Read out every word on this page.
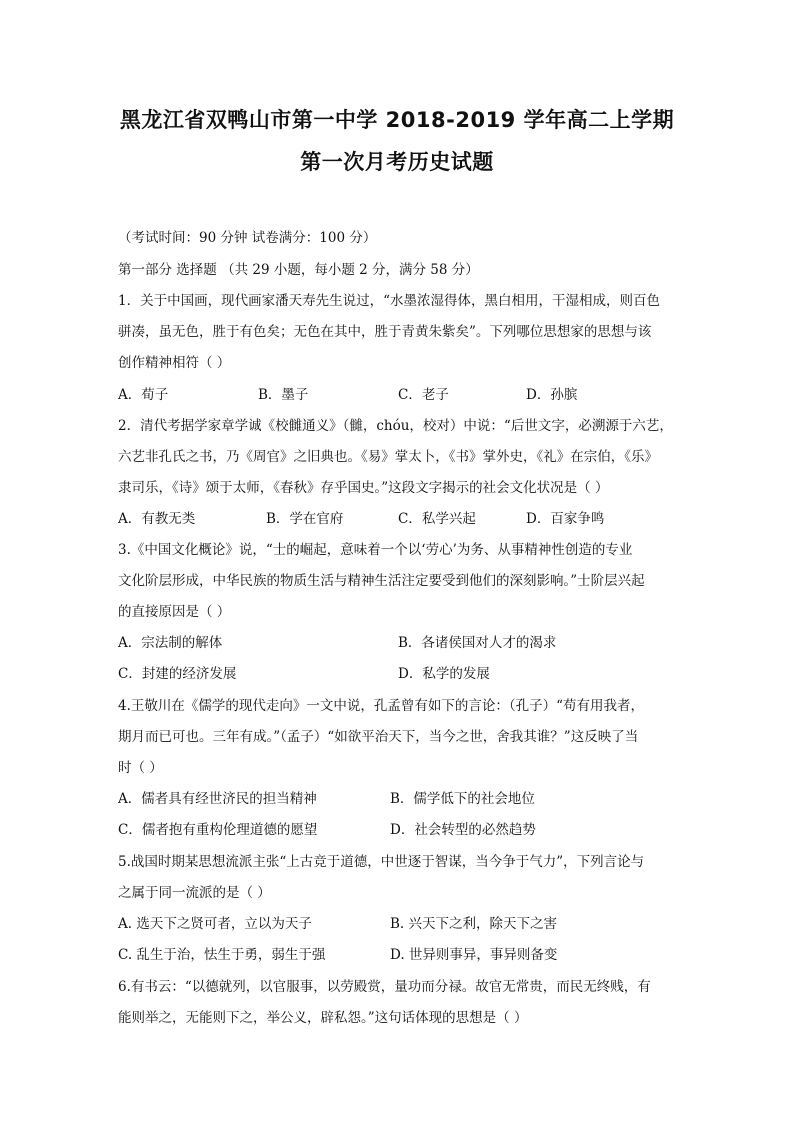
黑龙江省双鸭山市第一中学 2018-2019 学年高二上学期
第一次月考历史试题
（考试时间：90 分钟 试卷满分：100 分）
第一部分 选择题 （共 29 小题，每小题 2 分，满分 58 分）
1．关于中国画，现代画家潘天寿先生说过，“水墨浓湿得体，黑白相用，干湿相成，则百色
骈凑，虽无色，胜于有色矣；无色在其中，胜于青黄朱紫矣”。下列哪位思想家的思想与该
创作精神相符（ ）
A．荀子	B．墨子	C．老子	D．孙膑
2．清代考据学家章学诚《校雠通义》（雠，chóu，校对）中说：“后世文字，必溯源于六艺，
六艺非孔氏之书，乃《周官》之旧典也。《易》掌太卜，《书》掌外史，《礼》在宗伯，《乐》
隶司乐，《诗》颂于太师，《春秋》存乎国史。”这段文字揭示的社会文化状况是（ ）
A．有教无类	B．学在官府	C．私学兴起	D．百家争鸣
3.《中国文化概论》说，“士的崛起，意味着一个以‘劳心’为务、从事精神性创造的专业
文化阶层形成，中华民族的物质生活与精神生活注定要受到他们的深刻影响。”士阶层兴起
的直接原因是（ ）
A．宗法制的解体	B．各诸侯国对人才的渴求
C．封建的经济发展	D．私学的发展
4.王敬川在《儒学的现代走向》一文中说，孔孟曾有如下的言论：（孔子）“苟有用我者，
期月而已可也。三年有成。”（孟子）“如欲平治天下，当今之世，舍我其谁？”这反映了当
时（ ）
A．儒者具有经世济民的担当精神	B．儒学低下的社会地位
C．儒者抱有重构伦理道德的愿望	D．社会转型的必然趋势
5.战国时期某思想流派主张“上古竞于道德，中世逐于智谋，当今争于气力”，下列言论与
之属于同一流派的是（ ）
A. 选天下之贤可者，立以为天子	B. 兴天下之利，除天下之害
C. 乱生于治，怯生于勇，弱生于强	D. 世异则事异，事异则备变
6.有书云：“以德就列，以官服事，以劳殿赏，量功而分禄。故官无常贵，而民无终贱，有
能则举之，无能则下之，举公义，辟私怨。”这句话体现的思想是（ ）
